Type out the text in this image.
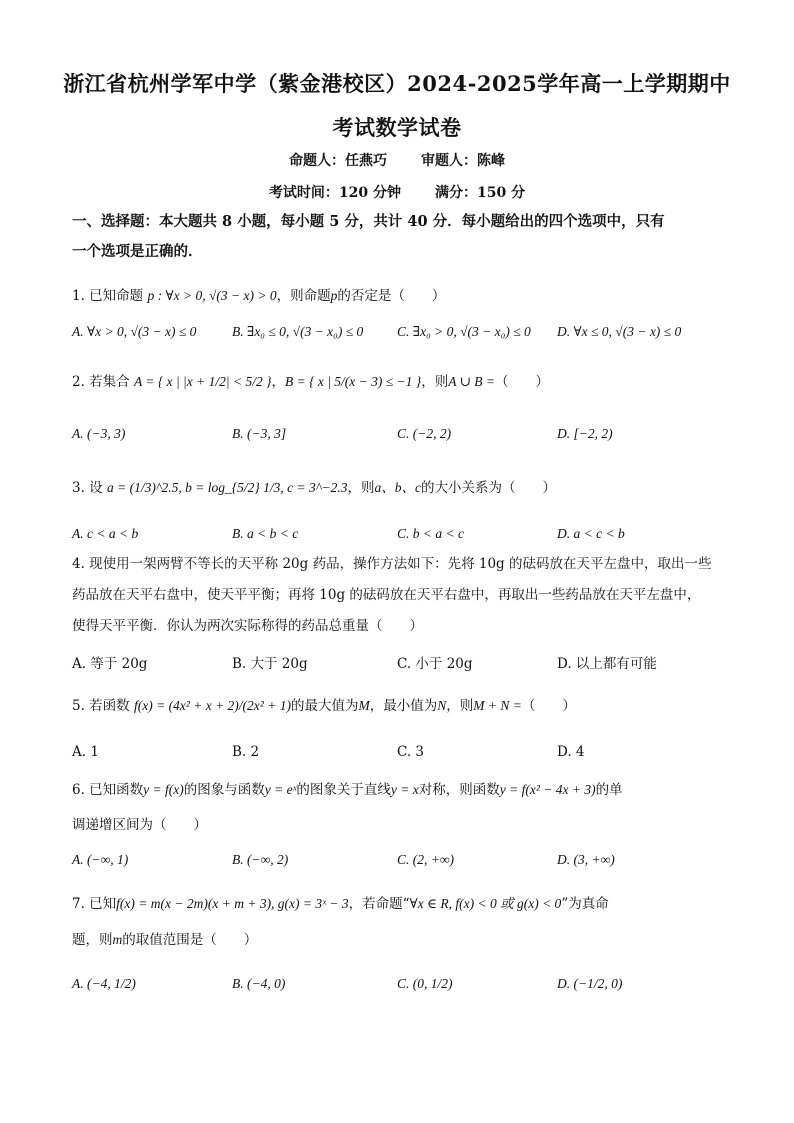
浙江省杭州学军中学（紫金港校区）2024-2025学年高一上学期期中
考试数学试卷
命题人：任燕巧 审题人：陈峰
考试时间：120 分钟 满分：150 分
一、选择题：本大题共 8 小题，每小题 5 分，共计 40 分．每小题给出的四个选项中，只有
一个选项是正确的．
1. 已知命题 p : ∀x > 0, √(3 − x) > 0，则命题p的否定是（　　）
A. ∀x > 0, √(3 − x) ≤ 0	B. ∃x₀ ≤ 0, √(3 − x₀) ≤ 0 C. ∃x₀ > 0, √(3 − x₀) ≤ 0 D. ∀x ≤ 0, √(3 − x) ≤ 0
2. 若集合 A = { x | |x + 1/2| < 5/2 }，B = { x | 5/(x − 3) ≤ −1 }，则A ∪ B =（　　）
A. (−3, 3)	B. (−3, 3]	C. (−2, 2)	D. [−2, 2)
3. 设 a = (1/3)^2.5, b = log_{5/2} 1/3, c = 3^−2.3，则a、b、c的大小关系为（　　）
A. c < a < b	B. a < b < c	C. b < a < c	D. a < c < b
4. 现使用一架两臂不等长的天平称 20g 药品，操作方法如下：先将 10g 的砝码放在天平左盘中，取出一些
药品放在天平右盘中，使天平平衡；再将 10g 的砝码放在天平右盘中，再取出一些药品放在天平左盘中，
使得天平平衡．你认为两次实际称得的药品总重量（　　）
A. 等于 20g	B. 大于 20g	C. 小于 20g	D. 以上都有可能
5. 若函数 f(x) = (4x² + x + 2)/(2x² + 1)的最大值为M，最小值为N，则M + N =（　　）
A. 1	B. 2	C. 3	D. 4
6. 已知函数y = f(x)的图象与函数y = eˣ的图象关于直线y = x对称，则函数y = f(x² − 4x + 3)的单
调递增区间为（　　）
A. (−∞, 1)	B. (−∞, 2)	C. (2, +∞)	D. (3, +∞)
7. 已知f(x) = m(x − 2m)(x + m + 3), g(x) = 3ˣ − 3，若命题“∀x ∈ R, f(x) < 0 或 g(x) < 0”为真命
题，则m的取值范围是（　　）
A. (−4, 1/2)	B. (−4, 0)	C. (0, 1/2)	D. (−1/2, 0)
